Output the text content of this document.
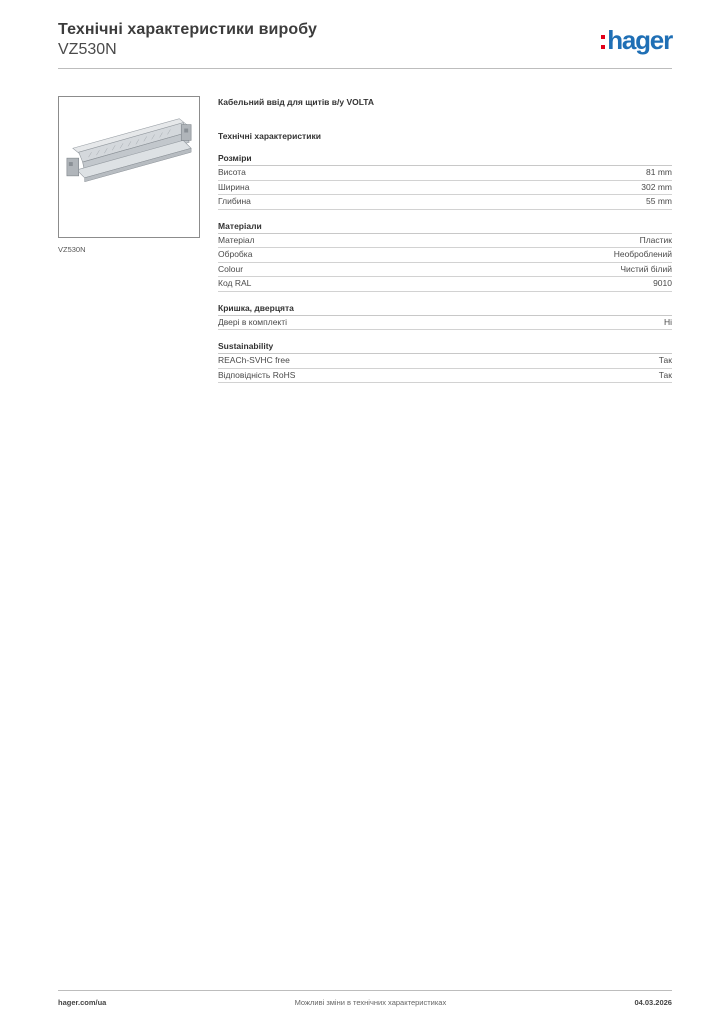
Технічні характеристики виробу
VZ530N	hager
VZ530N
Кабельний ввід для щитів в/у VOLTA
Технічні характеристики
Розміри
Висота	81 mm
Ширина	302 mm
Глибина	55 mm
Матеріали
Матеріал	Пластик
Обробка	Необроблений
Colour	Чистий білий
Код RAL	9010
Кришка, дверцята
Двері в комплекті	Ні
Sustainability
REACh-SVHC free	Так
Відповідність RoHS	Так
hager.com/ua	Можливі зміни в технічних характеристиках	04.03.2026
